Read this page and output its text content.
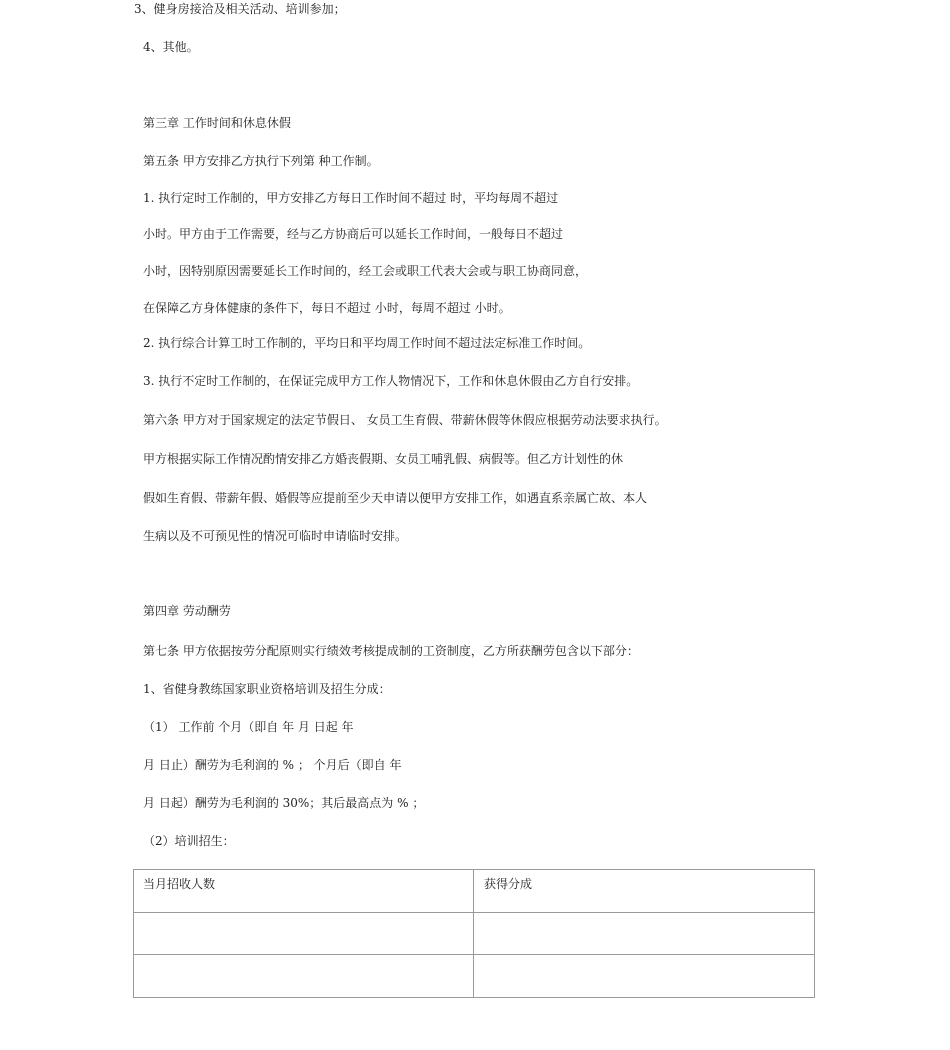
3、健身房接洽及相关活动、培训参加；
4、其他。
第三章 工作时间和休息休假
第五条 甲方安排乙方执行下列第 种工作制。
1. 执行定时工作制的，甲方安排乙方每日工作时间不超过 时，平均每周不超过
小时。甲方由于工作需要，经与乙方协商后可以延长工作时间，一般每日不超过
小时，因特别原因需要延长工作时间的，经工会或职工代表大会或与职工协商同意，
在保障乙方身体健康的条件下，每日不超过 小时，每周不超过 小时。
2. 执行综合计算工时工作制的，平均日和平均周工作时间不超过法定标准工作时间。
3. 执行不定时工作制的，在保证完成甲方工作人物情况下，工作和休息休假由乙方自行安排。
第六条 甲方对于国家规定的法定节假日、 女员工生育假、带薪休假等休假应根据劳动法要求执行。
甲方根据实际工作情况酌情安排乙方婚丧假期、女员工哺乳假、病假等。但乙方计划性的休
假如生育假、带薪年假、婚假等应提前至少天申请以便甲方安排工作，如遇直系亲属亡故、本人
生病以及不可预见性的情况可临时申请临时安排。
第四章 劳动酬劳
第七条 甲方依据按劳分配原则实行绩效考核提成制的工资制度，乙方所获酬劳包含以下部分：
1、省健身教练国家职业资格培训及招生分成：
（1） 工作前 个月（即自 年 月 日起 年
月 日止）酬劳为毛利润的 % ； 个月后（即自 年
月 日起）酬劳为毛利润的 30%；其后最高点为 % ；
（2）培训招生：
当月招收人数	获得分成
